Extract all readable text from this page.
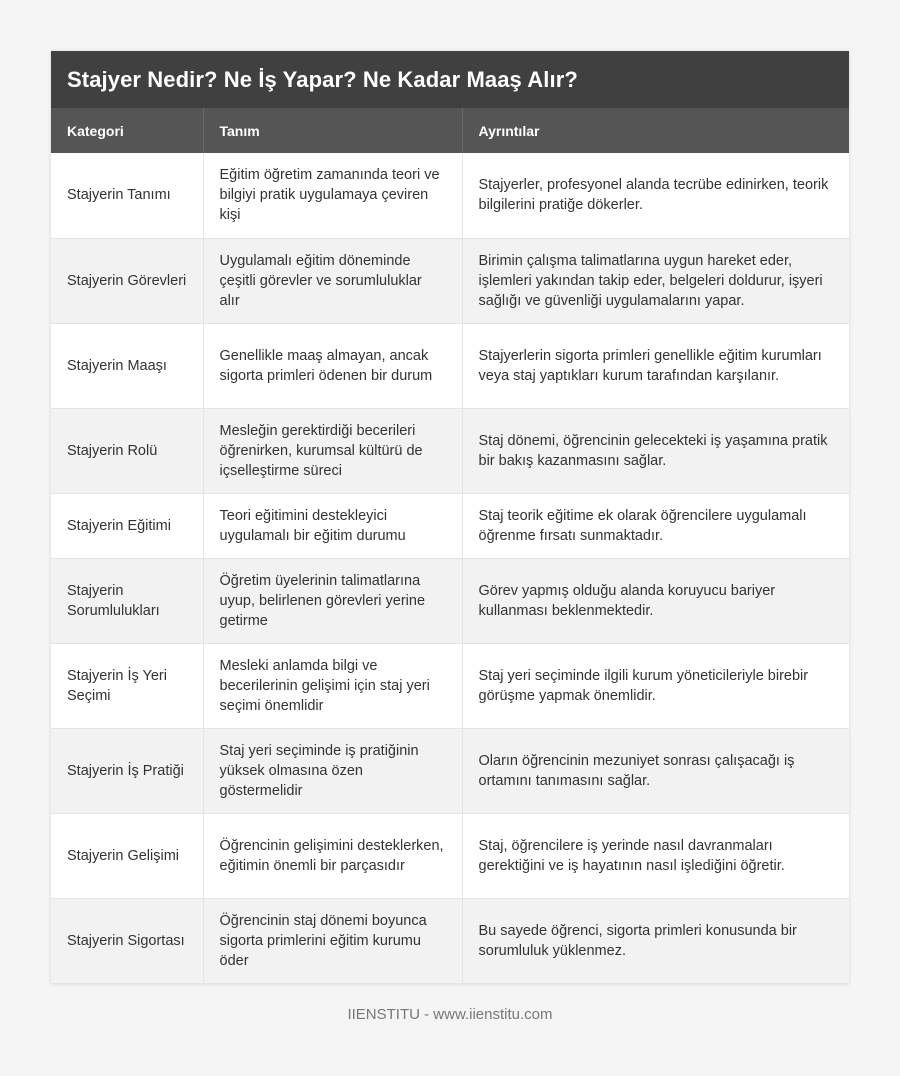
Stajyer Nedir? Ne İş Yapar? Ne Kadar Maaş Alır?
Kategori	Tanım	Ayrıntılar
Stajyerin Tanımı	Eğitim öğretim zamanında teori ve bilgiyi pratik uygulamaya çeviren kişi	Stajyerler, profesyonel alanda tecrübe edinirken, teorik bilgilerini pratiğe dökerler.
Stajyerin Görevleri	Uygulamalı eğitim döneminde çeşitli görevler ve sorumluluklar alır	Birimin çalışma talimatlarına uygun hareket eder, işlemleri yakından takip eder, belgeleri doldurur, işyeri sağlığı ve güvenliği uygulamalarını yapar.
Stajyerin Maaşı	Genellikle maaş almayan, ancak sigorta primleri ödenen bir durum	Stajyerlerin sigorta primleri genellikle eğitim kurumları veya staj yaptıkları kurum tarafından karşılanır.
Stajyerin Rolü	Mesleğin gerektirdiği becerileri öğrenirken, kurumsal kültürü de içselleştirme süreci	Staj dönemi, öğrencinin gelecekteki iş yaşamına pratik bir bakış kazanmasını sağlar.
Stajyerin Eğitimi	Teori eğitimini destekleyici uygulamalı bir eğitim durumu	Staj teorik eğitime ek olarak öğrencilere uygulamalı öğrenme fırsatı sunmaktadır.
Stajyerin Sorumlulukları	Öğretim üyelerinin talimatlarına uyup, belirlenen görevleri yerine getirme	Görev yapmış olduğu alanda koruyucu bariyer kullanması beklenmektedir.
Stajyerin İş Yeri Seçimi	Mesleki anlamda bilgi ve becerilerinin gelişimi için staj yeri seçimi önemlidir	Staj yeri seçiminde ilgili kurum yöneticileriyle birebir görüşme yapmak önemlidir.
Stajyerin İş Pratiği	Staj yeri seçiminde iş pratiğinin yüksek olmasına özen göstermelidir	Oların öğrencinin mezuniyet sonrası çalışacağı iş ortamını tanımasını sağlar.
Stajyerin Gelişimi	Öğrencinin gelişimini desteklerken, eğitimin önemli bir parçasıdır	Staj, öğrencilere iş yerinde nasıl davranmaları gerektiğini ve iş hayatının nasıl işlediğini öğretir.
Stajyerin Sigortası	Öğrencinin staj dönemi boyunca sigorta primlerini eğitim kurumu öder	Bu sayede öğrenci, sigorta primleri konusunda bir sorumluluk yüklenmez.
IIENSTITU - www.iienstitu.com
